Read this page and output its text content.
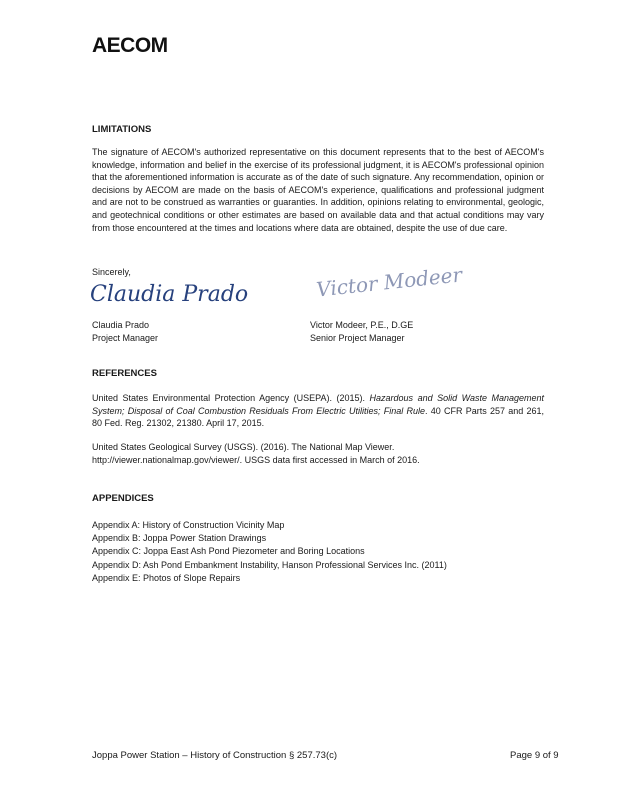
AECOM
LIMITATIONS
The signature of AECOM's authorized representative on this document represents that to the best of AECOM's knowledge, information and belief in the exercise of its professional judgment, it is AECOM's professional opinion that the aforementioned information is accurate as of the date of such signature. Any recommendation, opinion or decisions by AECOM are made on the basis of AECOM's experience, qualifications and professional judgment and are not to be construed as warranties or guaranties. In addition, opinions relating to environmental, geologic, and geotechnical conditions or other estimates are based on available data and that actual conditions may vary from those encountered at the times and locations where data are obtained, despite the use of due care.
Sincerely,
Claudia Prado	Victor Modeer
Claudia Prado
Project Manager
Victor Modeer, P.E., D.GE
Senior Project Manager
REFERENCES
United States Environmental Protection Agency (USEPA). (2015). Hazardous and Solid Waste Management System; Disposal of Coal Combustion Residuals From Electric Utilities; Final Rule. 40 CFR Parts 257 and 261, 80 Fed. Reg. 21302, 21380. April 17, 2015.
United States Geological Survey (USGS). (2016). The National Map Viewer.
http://viewer.nationalmap.gov/viewer/. USGS data first accessed in March of 2016.
APPENDICES
Appendix A: History of Construction Vicinity Map
Appendix B: Joppa Power Station Drawings
Appendix C: Joppa East Ash Pond Piezometer and Boring Locations
Appendix D: Ash Pond Embankment Instability, Hanson Professional Services Inc. (2011)
Appendix E: Photos of Slope Repairs
Joppa Power Station – History of Construction § 257.73(c)	Page 9 of 9
